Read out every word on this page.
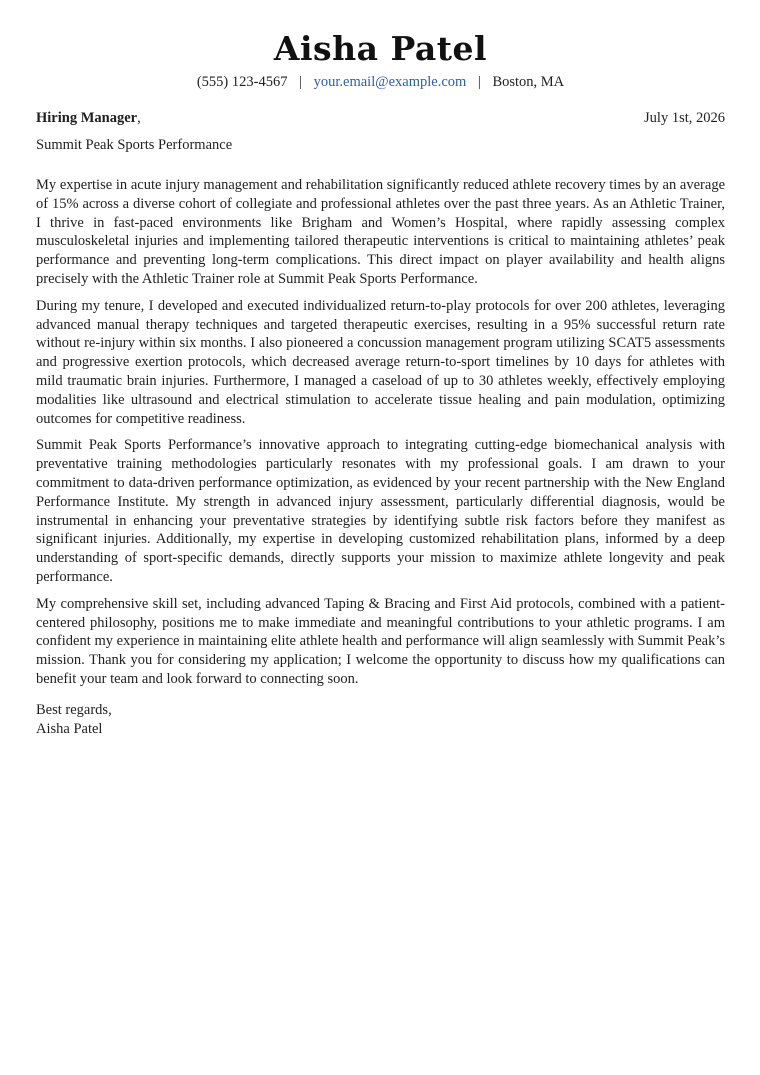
Aisha Patel
(555) 123-4567 | your.email@example.com | Boston, MA
Hiring Manager,	July 1st, 2026
Summit Peak Sports Performance

My expertise in acute injury management and rehabilitation significantly reduced athlete recovery times by an average of 15% across a diverse cohort of collegiate and professional athletes over the past three years. As an Athletic Trainer, I thrive in fast-paced environments like Brigham and Women’s Hospital, where rapidly assessing complex musculoskeletal injuries and implementing tailored therapeutic interventions is critical to maintaining athletes’ peak performance and preventing long-term complications. This direct impact on player availability and health aligns precisely with the Athletic Trainer role at Summit Peak Sports Performance.

During my tenure, I developed and executed individualized return-to-play protocols for over 200 athletes, leveraging advanced manual therapy techniques and targeted therapeutic exercises, resulting in a 95% successful return rate without re-injury within six months. I also pioneered a concussion management program utilizing SCAT5 assessments and progressive exertion protocols, which decreased average return-to-sport timelines by 10 days for athletes with mild traumatic brain injuries. Furthermore, I managed a caseload of up to 30 athletes weekly, effectively employing modalities like ultrasound and electrical stimulation to accelerate tissue healing and pain modulation, optimizing outcomes for competitive readiness.

Summit Peak Sports Performance’s innovative approach to integrating cutting-edge biomechanical analysis with preventative training methodologies particularly resonates with my professional goals. I am drawn to your commitment to data-driven performance optimization, as evidenced by your recent partnership with the New England Performance Institute. My strength in advanced injury assessment, particularly differential diagnosis, would be instrumental in enhancing your preventative strategies by identifying subtle risk factors before they manifest as significant injuries. Additionally, my expertise in developing customized rehabilitation plans, informed by a deep understanding of sport-specific demands, directly supports your mission to maximize athlete longevity and peak performance.

My comprehensive skill set, including advanced Taping & Bracing and First Aid protocols, combined with a patient-centered philosophy, positions me to make immediate and meaningful contributions to your athletic programs. I am confident my experience in maintaining elite athlete health and performance will align seamlessly with Summit Peak’s mission. Thank you for considering my application; I welcome the opportunity to discuss how my qualifications can benefit your team and look forward to connecting soon.

Best regards,
Aisha Patel
